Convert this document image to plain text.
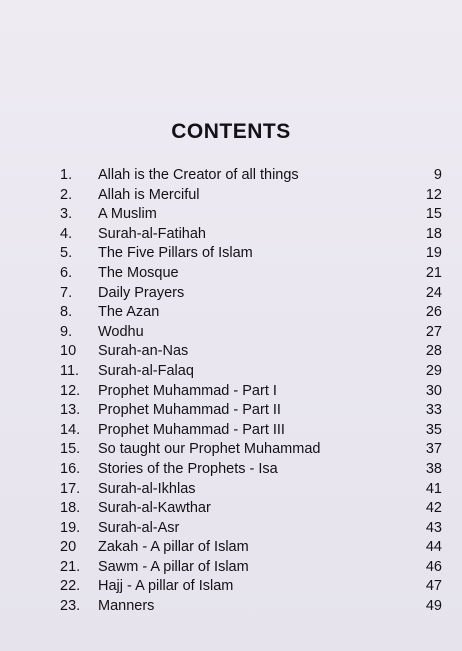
CONTENTS
1.	Allah is the Creator of all things	9
2.	Allah is Merciful	12
3.	A Muslim	15
4.	Surah-al-Fatihah	18
5.	The Five Pillars of Islam	19
6.	The Mosque	21
7.	Daily Prayers	24
8.	The Azan	26
9.	Wodhu	27
10	Surah-an-Nas	28
11.	Surah-al-Falaq	29
12.	Prophet Muhammad - Part I	30
13.	Prophet Muhammad - Part II	33
14.	Prophet Muhammad - Part III	35
15.	So taught our Prophet Muhammad	37
16.	Stories of the Prophets - Isa	38
17.	Surah-al-Ikhlas	41
18.	Surah-al-Kawthar	42
19.	Surah-al-Asr	43
20	Zakah - A pillar of Islam	44
21.	Sawm - A pillar of Islam	46
22.	Hajj - A pillar of Islam	47
23.	Manners	49
